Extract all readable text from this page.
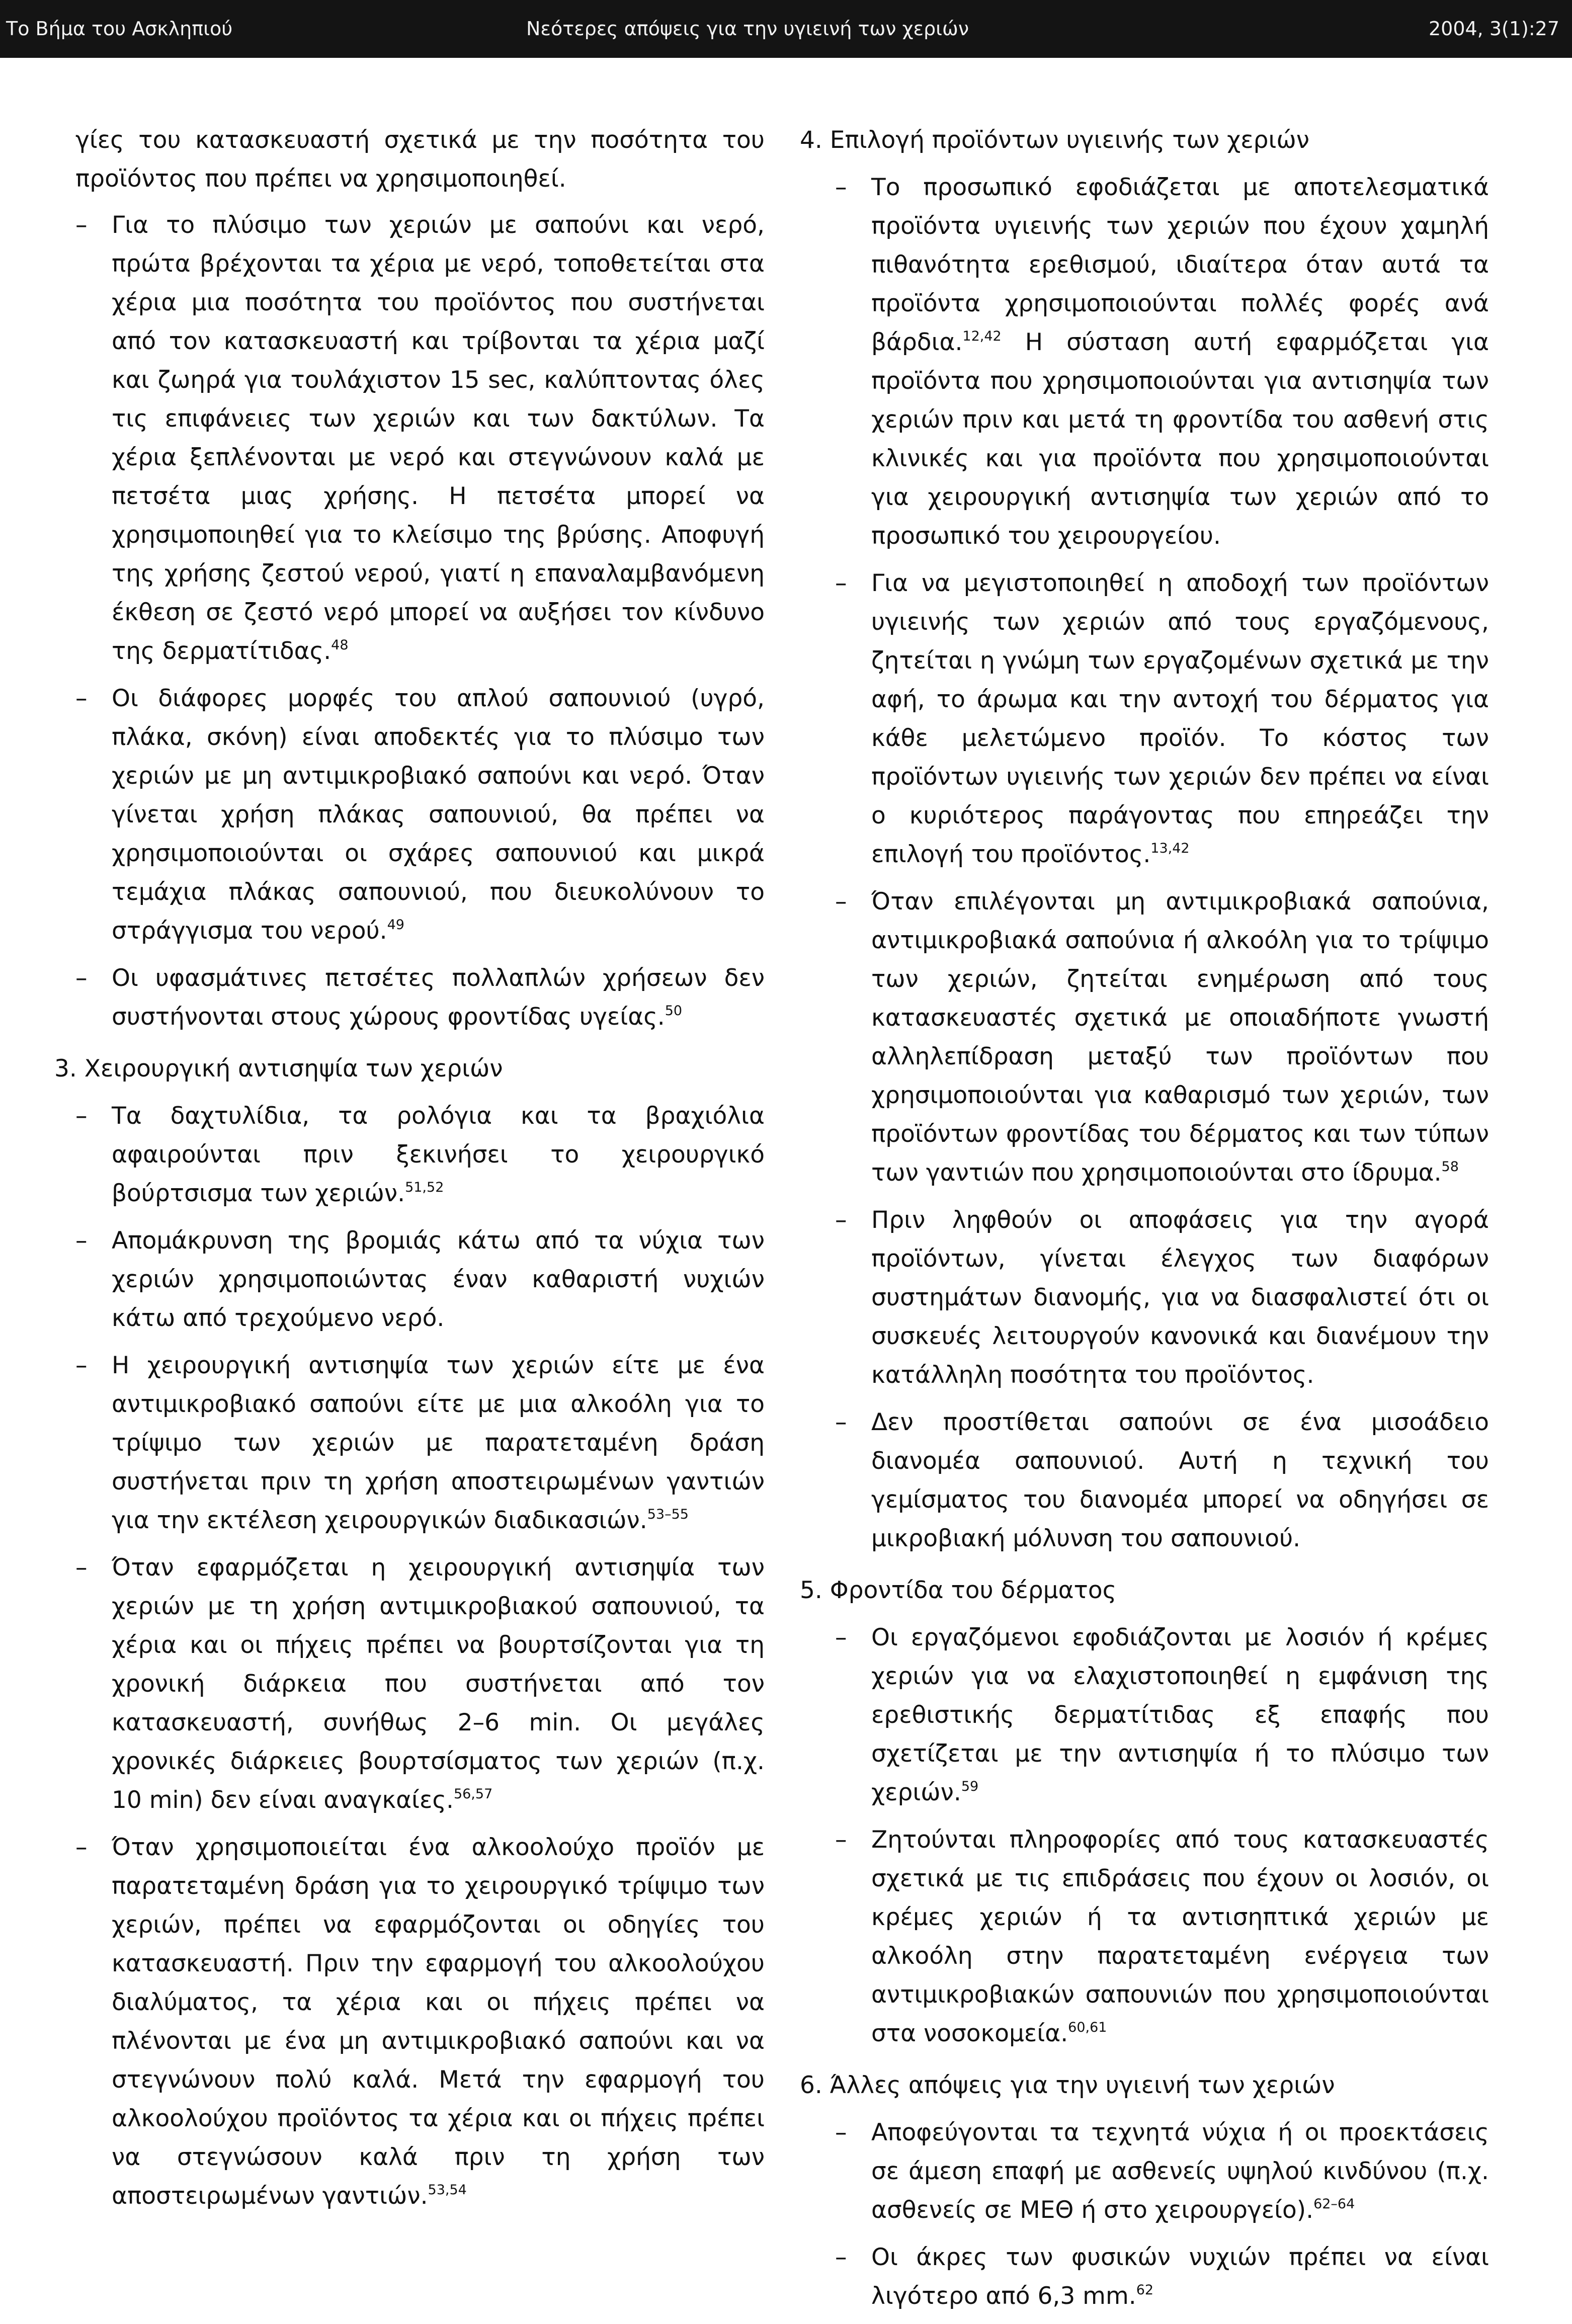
Το Βήμα του Ασκληπιού	Νεότερες απόψεις για την υγιεινή των χεριών	2004, 3(1):27

γίες του κατασκευαστή σχετικά με την ποσότητα του προϊόντος που πρέπει να χρησιμοποιηθεί.

– Για το πλύσιμο των χεριών με σαπούνι και νερό, πρώτα βρέχονται τα χέρια με νερό, τοποθετείται στα χέρια μια ποσότητα του προϊόντος που συστήνεται από τον κατασκευαστή και τρίβονται τα χέρια μαζί και ζωηρά για τουλάχιστον 15 sec, καλύπτοντας όλες τις επιφάνειες των χεριών και των δακτύλων. Τα χέρια ξεπλένονται με νερό και στεγνώνουν καλά με πετσέτα μιας χρήσης. Η πετσέτα μπορεί να χρησιμοποιηθεί για το κλείσιμο της βρύσης. Αποφυγή της χρήσης ζεστού νερού, γιατί η επαναλαμβανόμενη έκθεση σε ζεστό νερό μπορεί να αυξήσει τον κίνδυνο της δερματίτιδας.$^{48}$
– Οι διάφορες μορφές του απλού σαπουνιού (υγρό, πλάκα, σκόνη) είναι αποδεκτές για το πλύσιμο των χεριών με μη αντιμικροβιακό σαπούνι και νερό. Όταν γίνεται χρήση πλάκας σαπουνιού, θα πρέπει να χρησιμοποιούνται οι σχάρες σαπουνιού και μικρά τεμάχια πλάκας σαπουνιού, που διευκολύνουν το στράγγισμα του νερού.$^{49}$
– Οι υφασμάτινες πετσέτες πολλαπλών χρήσεων δεν συστήνονται στους χώρους φροντίδας υγείας.$^{50}$
3. Χειρουργική αντισηψία των χεριών
– Τα δαχτυλίδια, τα ρολόγια και τα βραχιόλια αφαιρούνται πριν ξεκινήσει το χειρουργικό βούρτσισμα των χεριών.$^{51,52}$
– Απομάκρυνση της βρομιάς κάτω από τα νύχια των χεριών χρησιμοποιώντας έναν καθαριστή νυχιών κάτω από τρεχούμενο νερό.
– Η χειρουργική αντισηψία των χεριών είτε με ένα αντιμικροβιακό σαπούνι είτε με μια αλκοόλη για το τρίψιμο των χεριών με παρατεταμένη δράση συστήνεται πριν τη χρήση αποστειρωμένων γαντιών για την εκτέλεση χειρουργικών διαδικασιών.$^{53-55}$
– Όταν εφαρμόζεται η χειρουργική αντισηψία των χεριών με τη χρήση αντιμικροβιακού σαπουνιού, τα χέρια και οι πήχεις πρέπει να βουρτσίζονται για τη χρονική διάρκεια που συστήνεται από τον κατασκευαστή, συνήθως 2–6 min. Οι μεγάλες χρονικές διάρκειες βουρτσίσματος των χεριών (π.χ. 10 min) δεν είναι αναγκαίες.$^{56,57}$
– Όταν χρησιμοποιείται ένα αλκοολούχο προϊόν με παρατεταμένη δράση για το χειρουργικό τρίψιμο των χεριών, πρέπει να εφαρμόζονται οι οδηγίες του κατασκευαστή. Πριν την εφαρμογή του αλκοολούχου διαλύματος, τα χέρια και οι πήχεις πρέπει να πλένονται με ένα μη αντιμικροβιακό σαπούνι και να στεγνώνουν πολύ καλά. Μετά την εφαρμογή του αλκοολούχου προϊόντος τα χέρια και οι πήχεις πρέπει να στεγνώσουν καλά πριν τη χρήση των αποστειρωμένων γαντιών.$^{53,54}$
4. Επιλογή προϊόντων υγιεινής των χεριών
– Το προσωπικό εφοδιάζεται με αποτελεσματικά προϊόντα υγιεινής των χεριών που έχουν χαμηλή πιθανότητα ερεθισμού, ιδιαίτερα όταν αυτά τα προϊόντα χρησιμοποιούνται πολλές φορές ανά βάρδια.$^{12,42}$ Η σύσταση αυτή εφαρμόζεται για προϊόντα που χρησιμοποιούνται για αντισηψία των χεριών πριν και μετά τη φροντίδα του ασθενή στις κλινικές και για προϊόντα που χρησιμοποιούνται για χειρουργική αντισηψία των χεριών από το προσωπικό του χειρουργείου.
– Για να μεγιστοποιηθεί η αποδοχή των προϊόντων υγιεινής των χεριών από τους εργαζόμενους, ζητείται η γνώμη των εργαζομένων σχετικά με την αφή, το άρωμα και την αντοχή του δέρματος για κάθε μελετώμενο προϊόν. Το κόστος των προϊόντων υγιεινής των χεριών δεν πρέπει να είναι ο κυριότερος παράγοντας που επηρεάζει την επιλογή του προϊόντος.$^{13,42}$
– Όταν επιλέγονται μη αντιμικροβιακά σαπούνια, αντιμικροβιακά σαπούνια ή αλκοόλη για το τρίψιμο των χεριών, ζητείται ενημέρωση από τους κατασκευαστές σχετικά με οποιαδήποτε γνωστή αλληλεπίδραση μεταξύ των προϊόντων που χρησιμοποιούνται για καθαρισμό των χεριών, των προϊόντων φροντίδας του δέρματος και των τύπων των γαντιών που χρησιμοποιούνται στο ίδρυμα.$^{58}$
– Πριν ληφθούν οι αποφάσεις για την αγορά προϊόντων, γίνεται έλεγχος των διαφόρων συστημάτων διανομής, για να διασφαλιστεί ότι οι συσκευές λειτουργούν κανονικά και διανέμουν την κατάλληλη ποσότητα του προϊόντος.
– Δεν προστίθεται σαπούνι σε ένα μισοάδειο διανομέα σαπουνιού. Αυτή η τεχνική του γεμίσματος του διανομέα μπορεί να οδηγήσει σε μικροβιακή μόλυνση του σαπουνιού.
5. Φροντίδα του δέρματος
– Οι εργαζόμενοι εφοδιάζονται με λοσιόν ή κρέμες χεριών για να ελαχιστοποιηθεί η εμφάνιση της ερεθιστικής δερματίτιδας εξ επαφής που σχετίζεται με την αντισηψία ή το πλύσιμο των χεριών.$^{59}$
– Ζητούνται πληροφορίες από τους κατασκευαστές σχετικά με τις επιδράσεις που έχουν οι λοσιόν, οι κρέμες χεριών ή τα αντισηπτικά χεριών με αλκοόλη στην παρατεταμένη ενέργεια των αντιμικροβιακών σαπουνιών που χρησιμοποιούνται στα νοσοκομεία.$^{60,61}$
6. Άλλες απόψεις για την υγιεινή των χεριών
– Αποφεύγονται τα τεχνητά νύχια ή οι προεκτάσεις σε άμεση επαφή με ασθενείς υψηλού κινδύνου (π.χ. ασθενείς σε ΜΕΘ ή στο χειρουργείο).$^{62-64}$
– Οι άκρες των φυσικών νυχιών πρέπει να είναι λιγότερο από 6,3 mm.$^{62}$
